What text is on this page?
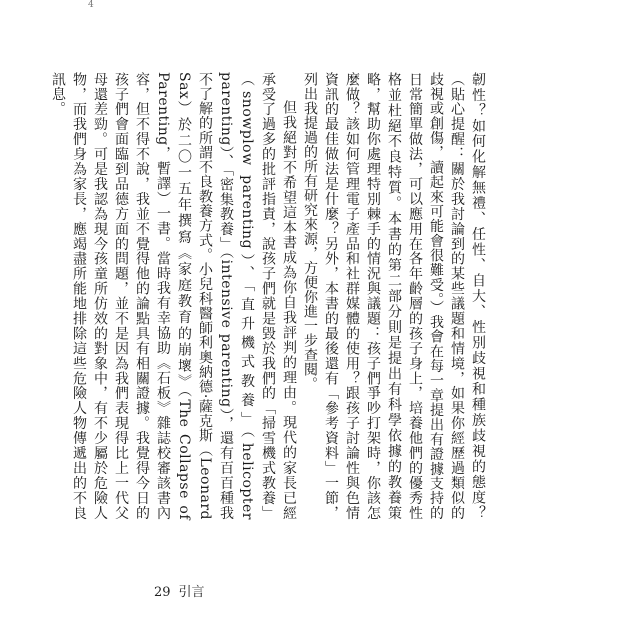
4

韌性？如何化解無禮、任性、自大、性別歧視和種族歧視的態度？（貼心提醒：關於我討論到的某些議題和情境，如果你經歷過類似的歧視或創傷，讀起來可能會很難受。）我會在每一章提出有證據支持的日常簡單做法，可以應用在各年齡層的孩子身上，培養他們的優秀性格並杜絕不良特質。本書的第二部分則是提出有科學依據的教養策略，幫助你處理特別棘手的情況與議題：孩子們爭吵打架時，你該怎麼做？該如何管理電子產品和社群媒體的使用？跟孩子討論性與色情資訊的最佳做法是什麼？另外，本書的最後還有「參考資料」一節，列出我提過的所有研究來源，方便你進一步查閱。

但我絕對不希望這本書成為你自我評判的理由。現代的家長已經承受了過多的批評指責，說孩子們就是毀於我們的「掃雪機式教養」（snowplow parenting）、「直升機式教養」（helicopter parenting）、「密集教養」（intensive parenting），還有百百種我不了解的所謂不良教養方式。小兒科醫師利奧納德·薩克斯（Leonard Sax）於二〇一五年撰寫《家庭教育的崩壞》（The Collapse of Parenting，暫譯）一書。當時我有幸協助《石板》雜誌校審該書內容，但不得不說，我並不覺得他的論點具有相關證據。我覺得今日的孩子們會面臨到品德方面的問題，並不是因為我們表現得比上一代父母還差勁。可是我認為現今孩童所仿效的對象中，有不少屬於危險人物，而我們身為家長，應竭盡所能地排除這些危險人物傳遞出的不良訊息。

29 引言
